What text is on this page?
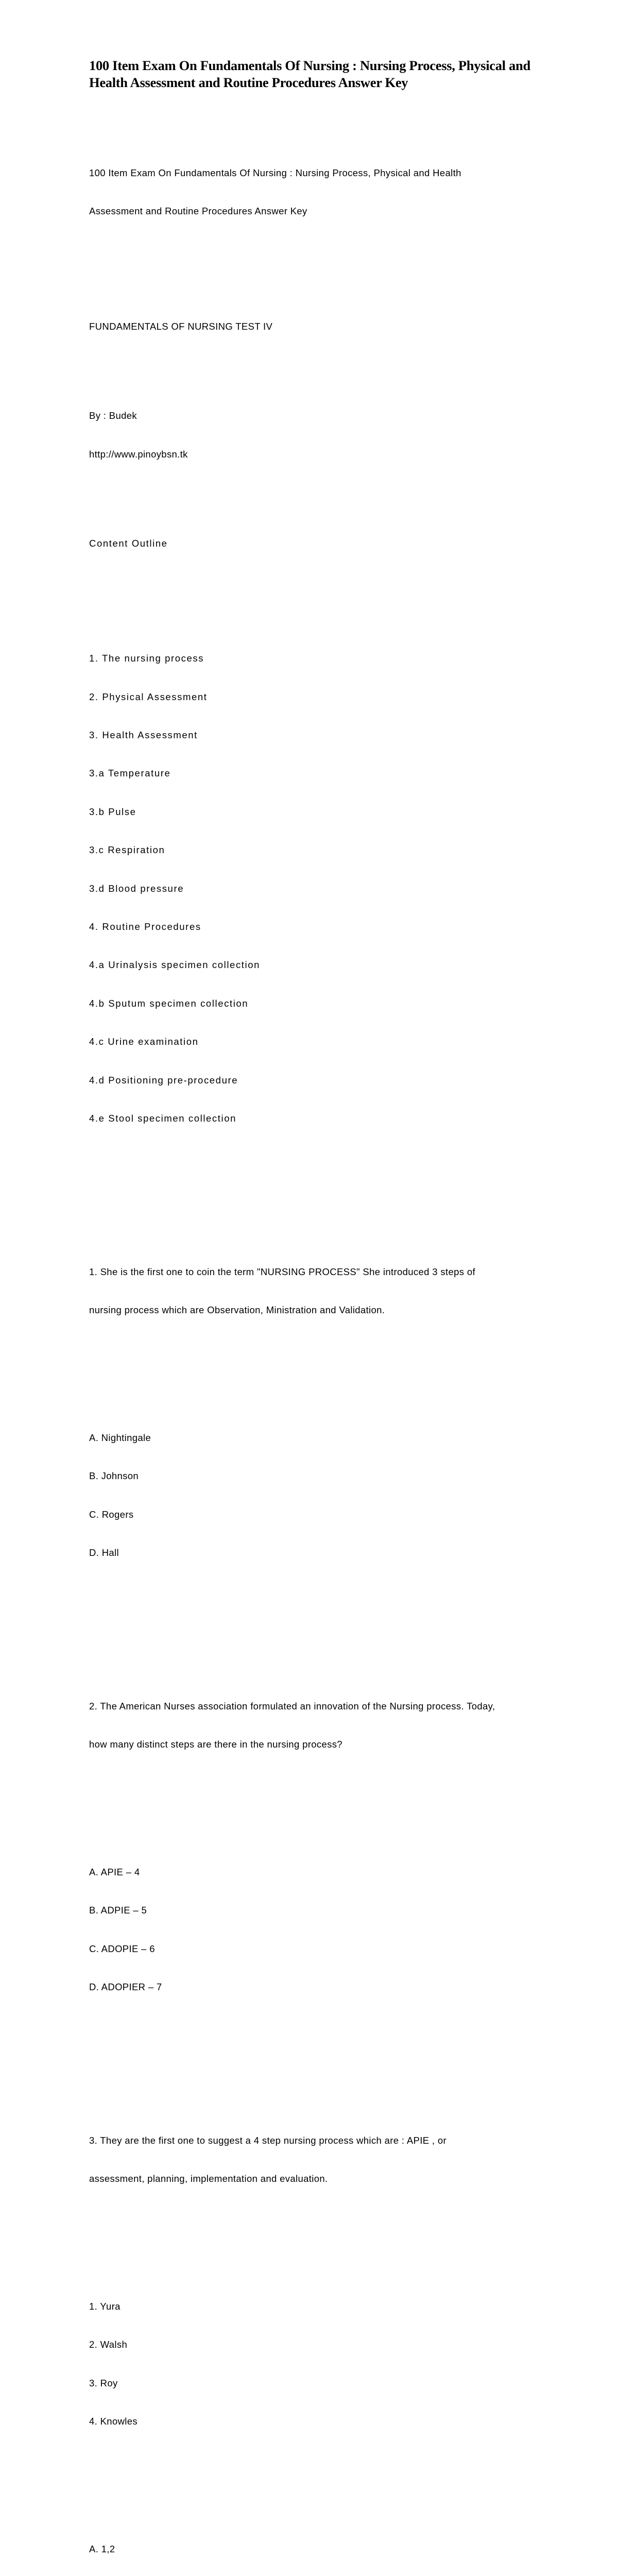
100 Item Exam On Fundamentals Of Nursing : Nursing Process, Physical and
Health Assessment and Routine Procedures Answer Key

100 Item Exam On Fundamentals Of Nursing : Nursing Process, Physical and Health

Assessment and Routine Procedures Answer Key

FUNDAMENTALS OF NURSING TEST IV

By : Budek

http://www.pinoybsn.tk

Content Outline

1. The nursing process

2. Physical Assessment

3. Health Assessment

3.a Temperature

3.b Pulse

3.c Respiration

3.d Blood pressure

4. Routine Procedures

4.a Urinalysis specimen collection

4.b Sputum specimen collection

4.c Urine examination

4.d Positioning pre-procedure

4.e Stool specimen collection

1. She is the first one to coin the term "NURSING PROCESS" She introduced 3 steps of

nursing process which are Observation, Ministration and Validation.

A. Nightingale

B. Johnson

C. Rogers

D. Hall

2. The American Nurses association formulated an innovation of the Nursing process. Today,

how many distinct steps are there in the nursing process?

A. APIE – 4

B. ADPIE – 5

C. ADOPIE – 6

D. ADOPIER – 7

3. They are the first one to suggest a 4 step nursing process which are : APIE , or

assessment, planning, implementation and evaluation.

1. Yura

2. Walsh

3. Roy

4. Knowles

A. 1,2
